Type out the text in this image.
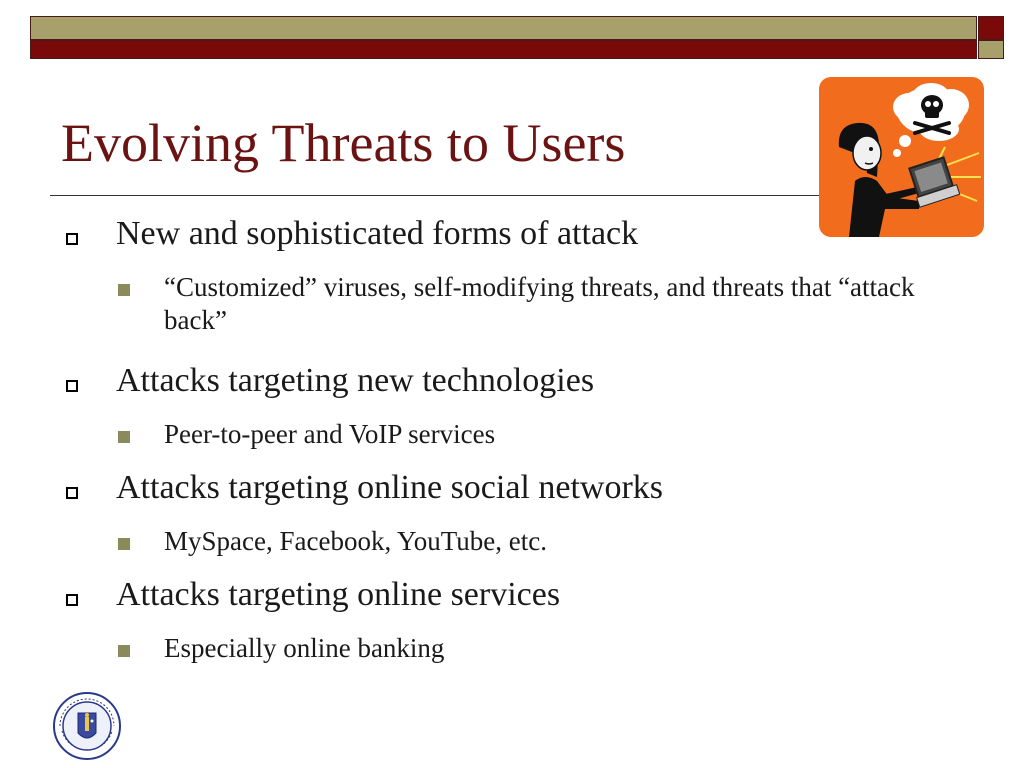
Evolving Threats to Users
New and sophisticated forms of attack
“Customized” viruses, self-modifying threats, and threats that “attack back”
Attacks targeting new technologies
Peer-to-peer and VoIP services
Attacks targeting online social networks
MySpace, Facebook, YouTube, etc.
Attacks targeting online services
Especially online banking
